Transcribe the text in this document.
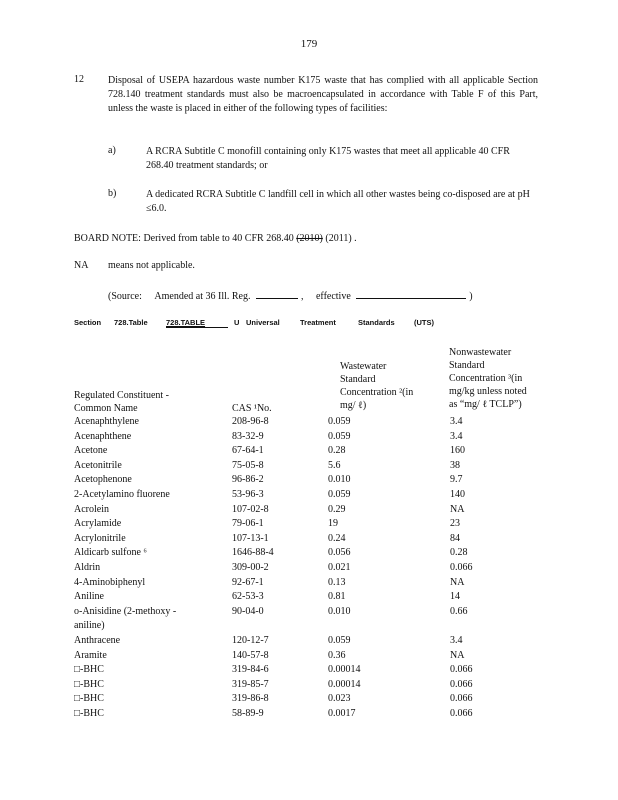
179
12 Disposal of USEPA hazardous waste number K175 waste that has complied with all applicable Section 728.140 treatment standards must also be macroencapsulated in accordance with Table F of this Part, unless the waste is placed in either of the following types of facilities:
a)	A RCRA Subtitle C monofill containing only K175 wastes that meet all applicable 40 CFR 268.40 treatment standards; or
b)	A dedicated RCRA Subtitle C landfill cell in which all other wastes being co-disposed are at pH ≤6.0.
BOARD NOTE: Derived from table to 40 CFR 268.40 (2010) (2011) .
NA means not applicable.
(Source: Amended at 36 Ill. Reg.	, effective	)
Section 728.Table 728.TABLE	U Universal	Treatment	Standards	(UTS)
Regulated Constituent -
Common Name	CAS ¹No.
Wastewater
Standard
Concentration ²(in
mg/ ℓ)
Nonwastewater
Standard
Concentration ³(in
mg/kg unless noted
as “mg/ ℓ TCLP”)
Acenaphthylene	208-96-8	0.059	3.4
Acenaphthene	83-32-9	0.059	3.4
Acetone	67-64-1	0.28	160
Acetonitrile	75-05-8	5.6	38
Acetophenone	96-86-2	0.010	9.7
2-Acetylamino fluorene	53-96-3	0.059	140
Acrolein	107-02-8	0.29	NA
Acrylamide	79-06-1	19	23
Acrylonitrile	107-13-1	0.24	84
Aldicarb sulfone ⁶	1646-88-4	0.056	0.28
Aldrin	309-00-2	0.021	0.066
4-Aminobiphenyl	92-67-1	0.13	NA
Aniline	62-53-3	0.81	14
o-Anisidine (2-methoxy -	90-04-0	0.010	0.66
aniline)			
Anthracene	120-12-7	0.059	3.4
Aramite	140-57-8	0.36	NA
□-BHC	319-84-6	0.00014	0.066
□-BHC	319-85-7	0.00014	0.066
□-BHC	319-86-8	0.023	0.066
□-BHC	58-89-9	0.0017	0.066
